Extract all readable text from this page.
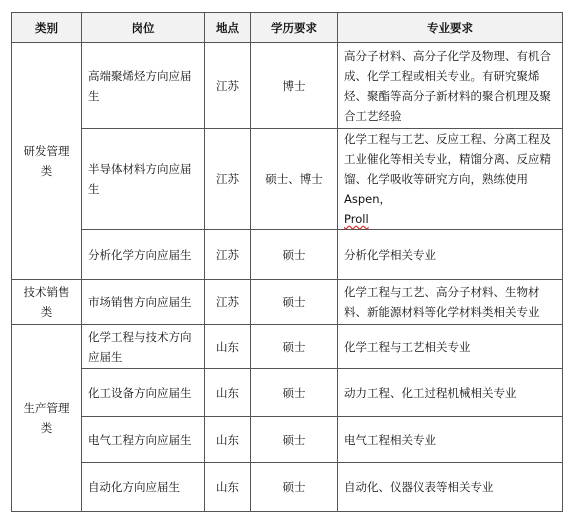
类别	岗位	地点	学历要求	专业要求
研发管理类	高端聚烯烃方向应届生	江苏	博士	高分子材料、高分子化学及物理、有机合成、化学工程或相关专业。有研究聚烯烃、聚酯等高分子新材料的聚合机理及聚合工艺经验
	半导体材料方向应届生	江苏	硕士、博士	化学工程与工艺、反应工程、分离工程及工业催化等相关专业，精馏分离、反应精馏、化学吸收等研究方向，熟练使用 Aspen，
Proll
	分析化学方向应届生	江苏	硕士	分析化学相关专业
技术销售类	市场销售方向应届生	江苏	硕士	化学工程与工艺、高分子材料、生物材料、新能源材料等化学材料类相关专业
生产管理类	化学工程与技术方向应届生	山东	硕士	化学工程与工艺相关专业
	化工设备方向应届生	山东	硕士	动力工程、化工过程机械相关专业
	电气工程方向应届生	山东	硕士	电气工程相关专业
	自动化方向应届生	山东	硕士	自动化、仪器仪表等相关专业
